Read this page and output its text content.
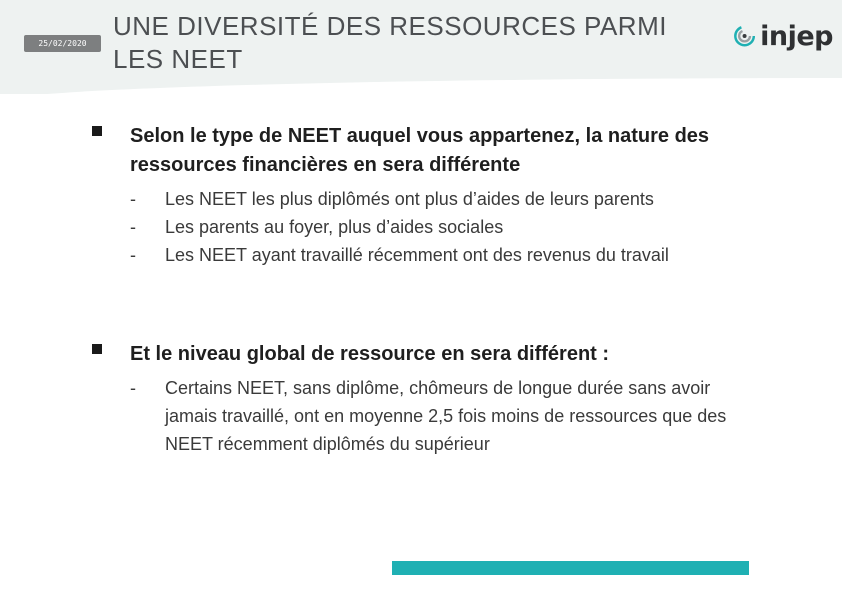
25/02/2020
UNE DIVERSITÉ DES RESSOURCES PARMI LES NEET
injep
Selon le type de NEET auquel vous appartenez, la nature des ressources financières en sera différente
-	Les NEET les plus diplômés ont plus d’aides de leurs parents
-	Les parents au foyer, plus d’aides sociales
-	Les NEET ayant travaillé récemment ont des revenus du travail
Et le niveau global de ressource en sera différent :
-	Certains NEET, sans diplôme, chômeurs de longue durée sans avoir jamais travaillé, ont en moyenne 2,5 fois moins de ressources que des NEET récemment diplômés du supérieur
